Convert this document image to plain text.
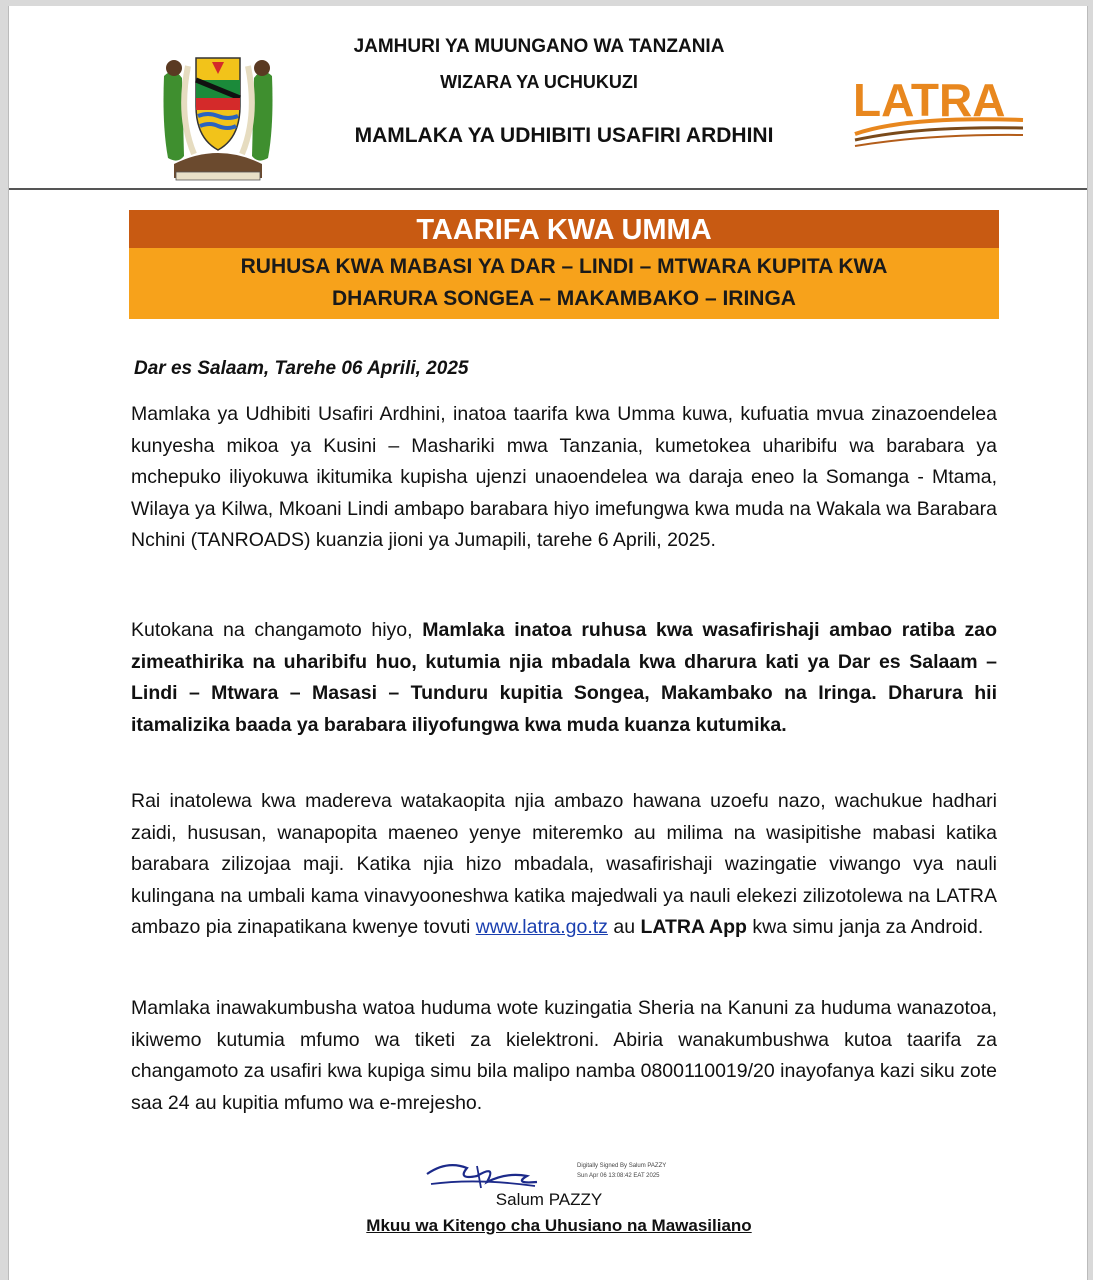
JAMHURI YA MUUNGANO WA TANZANIA
WIZARA YA UCHUKUZI
MAMLAKA YA UDHIBITI USAFIRI ARDHINI
LATRA
TAARIFA KWA UMMA
RUHUSA KWA MABASI YA DAR – LINDI – MTWARA KUPITA KWA
DHARURA SONGEA – MAKAMBAKO – IRINGA
Dar es Salaam, Tarehe 06 Aprili, 2025

Mamlaka ya Udhibiti Usafiri Ardhini, inatoa taarifa kwa Umma kuwa, kufuatia mvua zinazoendelea kunyesha mikoa ya Kusini – Mashariki mwa Tanzania, kumetokea uharibifu wa barabara ya mchepuko iliyokuwa ikitumika kupisha ujenzi unaoendelea wa daraja eneo la Somanga - Mtama, Wilaya ya Kilwa, Mkoani Lindi ambapo barabara hiyo imefungwa kwa muda na Wakala wa Barabara Nchini (TANROADS) kuanzia jioni ya Jumapili, tarehe 6 Aprili, 2025.

Kutokana na changamoto hiyo, Mamlaka inatoa ruhusa kwa wasafirishaji ambao ratiba zao zimeathirika na uharibifu huo, kutumia njia mbadala kwa dharura kati ya Dar es Salaam – Lindi – Mtwara – Masasi – Tunduru kupitia Songea, Makambako na Iringa. Dharura hii itamalizika baada ya barabara iliyofungwa kwa muda kuanza kutumika.

Rai inatolewa kwa madereva watakaopita njia ambazo hawana uzoefu nazo, wachukue hadhari zaidi, hususan, wanapopita maeneo yenye miteremko au milima na wasipitishe mabasi katika barabara zilizojaa maji. Katika njia hizo mbadala, wasafirishaji wazingatie viwango vya nauli kulingana na umbali kama vinavyooneshwa katika majedwali ya nauli elekezi zilizotolewa na LATRA ambazo pia zinapatikana kwenye tovuti www.latra.go.tz au LATRA App kwa simu janja za Android.

Mamlaka inawakumbusha watoa huduma wote kuzingatia Sheria na Kanuni za huduma wanazotoa, ikiwemo kutumia mfumo wa tiketi za kielektroni. Abiria wanakumbushwa kutoa taarifa za changamoto za usafiri kwa kupiga simu bila malipo namba 0800110019/20 inayofanya kazi siku zote saa 24 au kupitia mfumo wa e-mrejesho.

Digitally Signed By Salum PAZZY
Sun Apr 06 13:08:42 EAT 2025
Salum PAZZY
Mkuu wa Kitengo cha Uhusiano na Mawasiliano
